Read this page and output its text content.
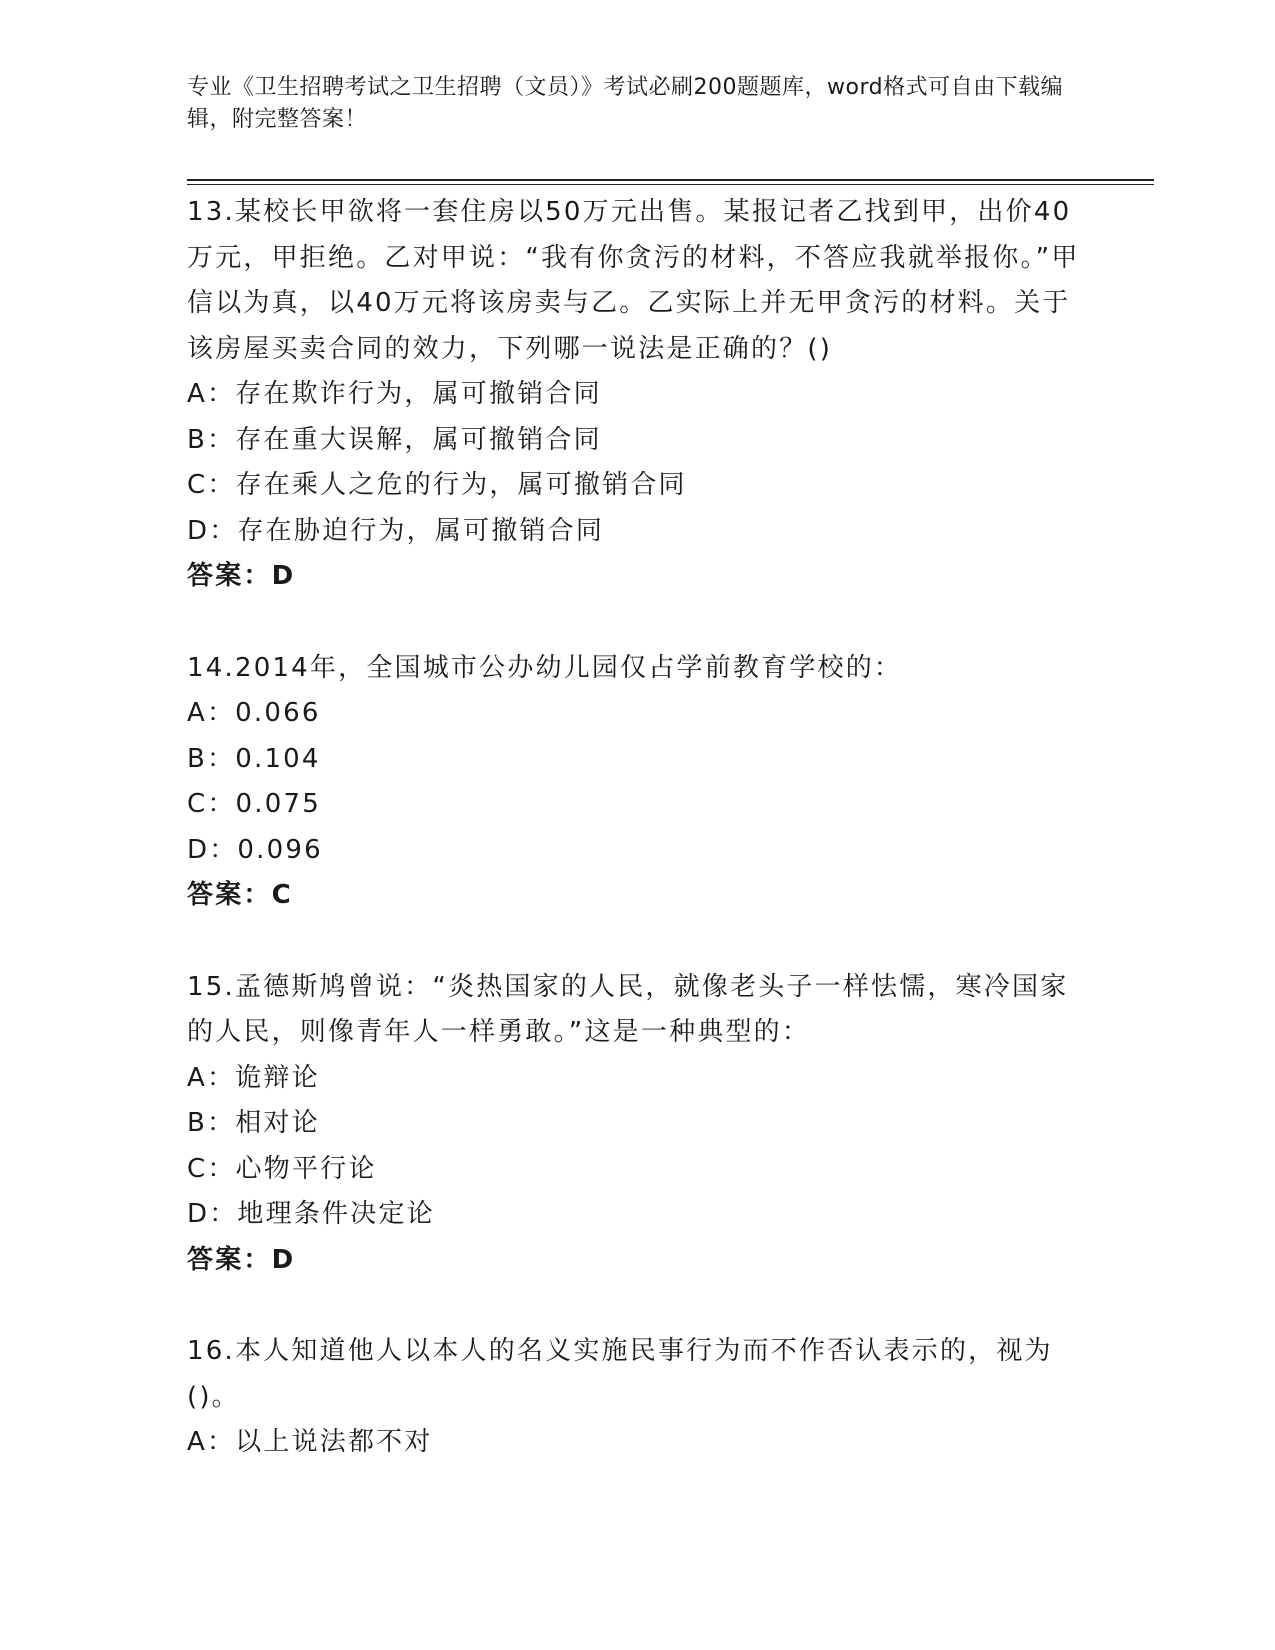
专业《卫生招聘考试之卫生招聘（文员）》考试必刷200题题库，word格式可自由下载编辑，附完整答案！

13.某校长甲欲将一套住房以50万元出售。某报记者乙找到甲，出价40万元，甲拒绝。乙对甲说：“我有你贪污的材料，不答应我就举报你。”甲信以为真，以40万元将该房卖与乙。乙实际上并无甲贪污的材料。关于该房屋买卖合同的效力，下列哪一说法是正确的？()

A：存在欺诈行为，属可撤销合同

B：存在重大误解，属可撤销合同

C：存在乘人之危的行为，属可撤销合同

D：存在胁迫行为，属可撤销合同

答案：D

14.2014年，全国城市公办幼儿园仅占学前教育学校的：

A：0.066

B：0.104

C：0.075

D：0.096

答案：C

15.孟德斯鸠曾说：“炎热国家的人民，就像老头子一样怯懦，寒冷国家的人民，则像青年人一样勇敢。”这是一种典型的：

A：诡辩论

B：相对论

C：心物平行论

D：地理条件决定论

答案：D

16.本人知道他人以本人的名义实施民事行为而不作否认表示的，视为()。

A：以上说法都不对
